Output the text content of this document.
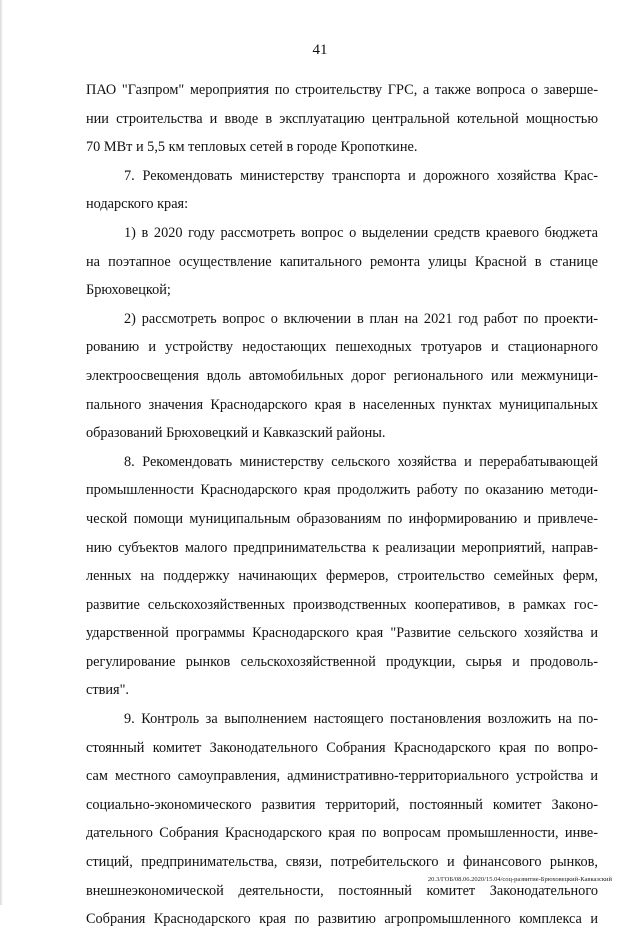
41

ПАО "Газпром" мероприятия по строительству ГРС, а также вопроса о заверше-
нии строительства и вводе в эксплуатацию центральной котельной мощностью
70 МВт и 5,5 км тепловых сетей в городе Кропоткине.

7. Рекомендовать министерству транспорта и дорожного хозяйства Крас-
нодарского края:

1) в 2020 году рассмотреть вопрос о выделении средств краевого бюджета
на поэтапное осуществление капитального ремонта улицы Красной в станице
Брюховецкой;

2) рассмотреть вопрос о включении в план на 2021 год работ по проекти-
рованию и устройству недостающих пешеходных тротуаров и стационарного
электроосвещения вдоль автомобильных дорог регионального или межмуници-
пального значения Краснодарского края в населенных пунктах муниципальных
образований Брюховецкий и Кавказский районы.

8. Рекомендовать министерству сельского хозяйства и перерабатывающей
промышленности Краснодарского края продолжить работу по оказанию методи-
ческой помощи муниципальным образованиям по информированию и привлече-
нию субъектов малого предпринимательства к реализации мероприятий, направ-
ленных на поддержку начинающих фермеров, строительство семейных ферм,
развитие сельскохозяйственных производственных кооперативов, в рамках гос-
ударственной программы Краснодарского края "Развитие сельского хозяйства и
регулирование рынков сельскохозяйственной продукции, сырья и продоволь-
ствия".

9. Контроль за выполнением настоящего постановления возложить на по-
стоянный комитет Законодательного Собрания Краснодарского края по вопро-
сам местного самоуправления, административно-территориального устройства и
социально-экономического развития территорий, постоянный комитет Законо-
дательного Собрания Краснодарского края по вопросам промышленности, инве-
стиций, предпринимательства, связи, потребительского и финансового рынков,
внешнеэкономической деятельности, постоянный комитет Законодательного
Собрания Краснодарского края по развитию агропромышленного комплекса и

20.3/ГОБ/08.06.2020/15.04/соц-развитие-Брюховецкий-Кавказский
